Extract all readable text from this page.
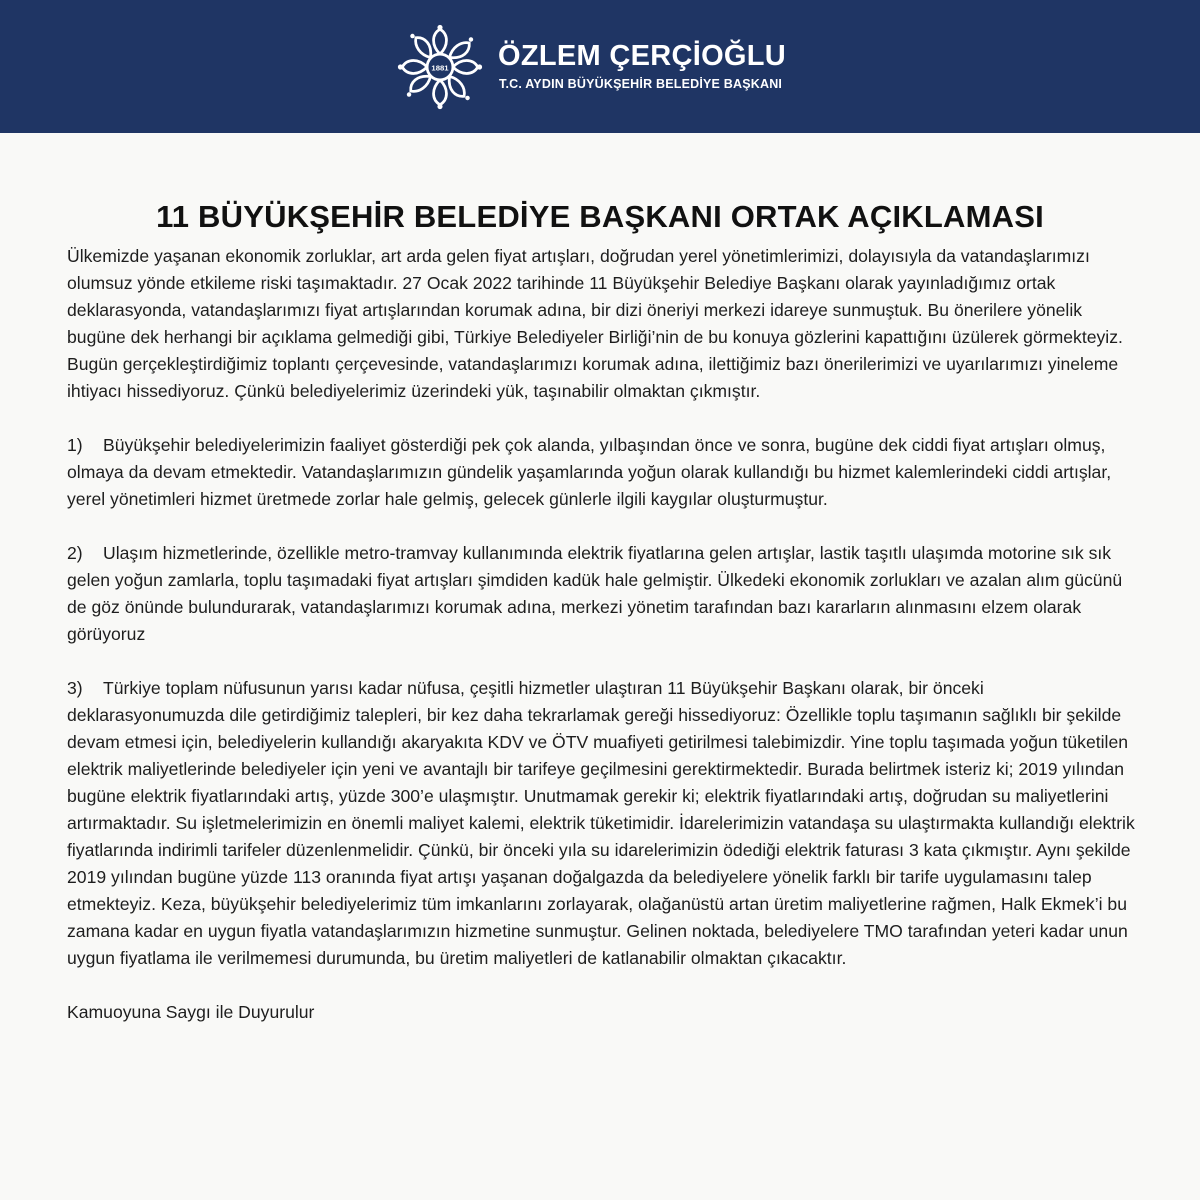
1881 ÖZLEM ÇERÇİOĞLU
T.C. AYDIN BÜYÜKŞEHİR BELEDİYE BAŞKANI
11 BÜYÜKŞEHİR BELEDİYE BAŞKANI ORTAK AÇIKLAMASI

Ülkemizde yaşanan ekonomik zorluklar, art arda gelen fiyat artışları, doğrudan yerel yönetimlerimizi, dolayısıyla da vatandaşlarımızı olumsuz yönde etkileme riski taşımaktadır. 27 Ocak 2022 tarihinde 11 Büyükşehir Belediye Başkanı olarak yayınladığımız ortak deklarasyonda, vatandaşlarımızı fiyat artışlarından korumak adına, bir dizi öneriyi merkezi idareye sunmuştuk. Bu önerilere yönelik bugüne dek herhangi bir açıklama gelmediği gibi, Türkiye Belediyeler Birliği’nin de bu konuya gözlerini kapattığını üzülerek görmekteyiz. Bugün gerçekleştirdiğimiz toplantı çerçevesinde, vatandaşlarımızı korumak adına, ilettiğimiz bazı önerilerimizi ve uyarılarımızı yineleme ihtiyacı hissediyoruz. Çünkü belediyelerimiz üzerindeki yük, taşınabilir olmaktan çıkmıştır.

1) Büyükşehir belediyelerimizin faaliyet gösterdiği pek çok alanda, yılbaşından önce ve sonra, bugüne dek ciddi fiyat artışları olmuş, olmaya da devam etmektedir. Vatandaşlarımızın gündelik yaşamlarında yoğun olarak kullandığı bu hizmet kalemlerindeki ciddi artışlar, yerel yönetimleri hizmet üretmede zorlar hale gelmiş, gelecek günlerle ilgili kaygılar oluşturmuştur.

2) Ulaşım hizmetlerinde, özellikle metro-tramvay kullanımında elektrik fiyatlarına gelen artışlar, lastik taşıtlı ulaşımda motorine sık sık gelen yoğun zamlarla, toplu taşımadaki fiyat artışları şimdiden kadük hale gelmiştir. Ülkedeki ekonomik zorlukları ve azalan alım gücünü de göz önünde bulundurarak, vatandaşlarımızı korumak adına, merkezi yönetim tarafından bazı kararların alınmasını elzem olarak görüyoruz

3) Türkiye toplam nüfusunun yarısı kadar nüfusa, çeşitli hizmetler ulaştıran 11 Büyükşehir Başkanı olarak, bir önceki deklarasyonumuzda dile getirdiğimiz talepleri, bir kez daha tekrarlamak gereği hissediyoruz: Özellikle toplu taşımanın sağlıklı bir şekilde devam etmesi için, belediyelerin kullandığı akaryakıta KDV ve ÖTV muafiyeti getirilmesi talebimizdir. Yine toplu taşımada yoğun tüketilen elektrik maliyetlerinde belediyeler için yeni ve avantajlı bir tarifeye geçilmesini gerektirmektedir. Burada belirtmek isteriz ki; 2019 yılından bugüne elektrik fiyatlarındaki artış, yüzde 300’e ulaşmıştır. Unutmamak gerekir ki; elektrik fiyatlarındaki artış, doğrudan su maliyetlerini artırmaktadır. Su işletmelerimizin en önemli maliyet kalemi, elektrik tüketimidir. İdarelerimizin vatandaşa su ulaştırmakta kullandığı elektrik fiyatlarında indirimli tarifeler düzenlenmelidir. Çünkü, bir önceki yıla su idarelerimizin ödediği elektrik faturası 3 kata çıkmıştır. Aynı şekilde 2019 yılından bugüne yüzde 113 oranında fiyat artışı yaşanan doğalgazda da belediyelere yönelik farklı bir tarife uygulamasını talep etmekteyiz. Keza, büyükşehir belediyelerimiz tüm imkanlarını zorlayarak, olağanüstü artan üretim maliyetlerine rağmen, Halk Ekmek’i bu zamana kadar en uygun fiyatla vatandaşlarımızın hizmetine sunmuştur. Gelinen noktada, belediyelere TMO tarafından yeteri kadar unun uygun fiyatlama ile verilmemesi durumunda, bu üretim maliyetleri de katlanabilir olmaktan çıkacaktır.

Kamuoyuna Saygı ile Duyurulur
